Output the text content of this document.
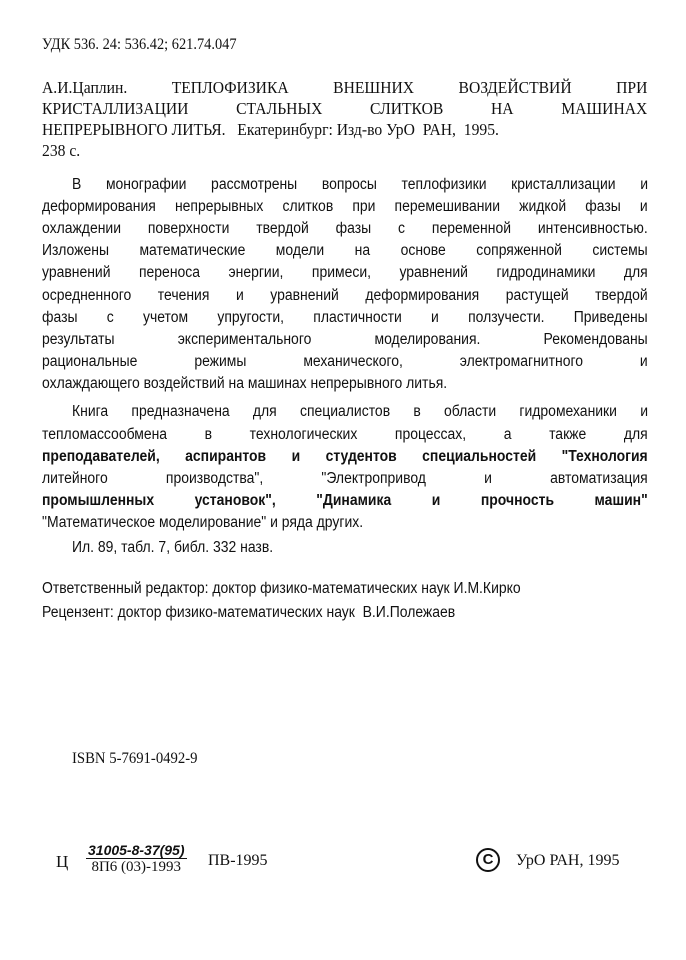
УДК 536. 24: 536.42; 621.74.047
А.И.Цаплин. ТЕПЛОФИЗИКА ВНЕШНИХ ВОЗДЕЙСТВИЙ ПРИ
КРИСТАЛЛИЗАЦИИ СТАЛЬНЫХ СЛИТКОВ НА МАШИНАХ
НЕПРЕРЫВНОГО ЛИТЬЯ.   Екатеринбург: Изд-во УрО  РАН,  1995.
238 с.
В монографии рассмотрены вопросы теплофизики кристаллизации и
деформирования непрерывных слитков при перемешивании жидкой фазы и
охлаждении поверхности твердой фазы с переменной интенсивностью.
Изложены математические модели на основе сопряженной системы
уравнений переноса энергии, примеси, уравнений гидродинамики для
осредненного течения и уравнений деформирования растущей твердой
фазы с учетом упругости, пластичности и ползучести. Приведены
результаты экспериментального моделирования. Рекомендованы
рациональные режимы механического, электромагнитного и
охлаждающего воздействий на машинах непрерывного литья.
Книга предназначена для специалистов в области гидромеханики и
тепломассообмена в технологических процессах, а также для
преподавателей, аспирантов и студентов специальностей "Технология
литейного производства", "Электропривод и автоматизация
промышленных установок", "Динамика и прочность машин"
"Математическое моделирование" и ряда других.
Ил. 89, табл. 7, библ. 332 назв.
Ответственный редактор: доктор физико-математических наук И.М.Кирко
Рецензент: доктор физико-математических наук  В.И.Полежаев
ISBN 5-7691-0492-9
Ц
31005-8-37(95)
8П6 (03)-1993	ПВ-1995	C	УрО РАН, 1995
